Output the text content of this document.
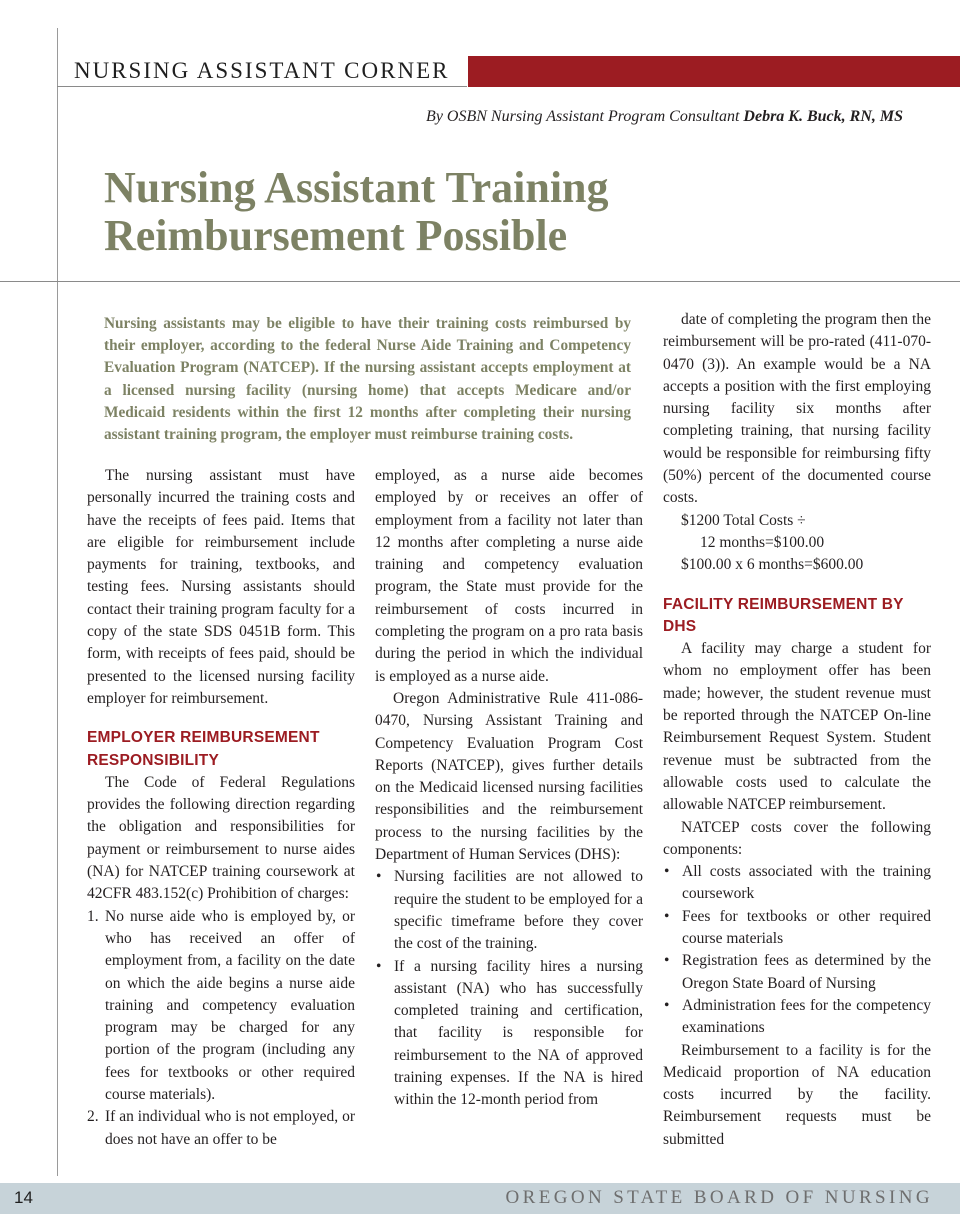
NURSING ASSISTANT CORNER
By OSBN Nursing Assistant Program Consultant Debra K. Buck, RN, MS
Nursing Assistant Training
Reimbursement Possible
Nursing assistants may be eligible to have their training costs reimbursed by their employer, according to the federal Nurse Aide Training and Competency Evaluation Program (NATCEP). If the nursing assistant accepts employment at a licensed nursing facility (nursing home) that accepts Medicare and/or Medicaid residents within the first 12 months after completing their nursing assistant training program, the employer must reimburse training costs.

The nursing assistant must have personally incurred the training costs and have the receipts of fees paid. Items that are eligible for reimbursement include payments for training, textbooks, and testing fees. Nursing assistants should contact their training program faculty for a copy of the state SDS 0451B form. This form, with receipts of fees paid, should be presented to the licensed nursing facility employer for reimbursement.

EMPLOYER REIMBURSEMENT RESPONSIBILITY

The Code of Federal Regulations provides the following direction regarding the obligation and responsibilities for payment or reimbursement to nurse aides (NA) for NATCEP training coursework at 42CFR 483.152(c) Prohibition of charges:

1. No nurse aide who is employed by, or who has received an offer of employment from, a facility on the date on which the aide begins a nurse aide training and competency evaluation program may be charged for any portion of the program (including any fees for textbooks or other required course materials).
2. If an individual who is not employed, or does not have an offer to be

employed, as a nurse aide becomes employed by or receives an offer of employment from a facility not later than 12 months after completing a nurse aide training and competency evaluation program, the State must provide for the reimbursement of costs incurred in completing the program on a pro rata basis during the period in which the individual is employed as a nurse aide.

Oregon Administrative Rule 411-086-0470, Nursing Assistant Training and Competency Evaluation Program Cost Reports (NATCEP), gives further details on the Medicaid licensed nursing facilities responsibilities and the reimbursement process to the nursing facilities by the Department of Human Services (DHS):

• Nursing facilities are not allowed to require the student to be employed for a specific timeframe before they cover the cost of the training.
• If a nursing facility hires a nursing assistant (NA) who has successfully completed training and certification, that facility is responsible for reimbursement to the NA of approved training expenses. If the NA is hired within the 12-month period from

date of completing the program then the reimbursement will be pro-rated (411-070-0470 (3)). An example would be a NA accepts a position with the first employing nursing facility six months after completing training, that nursing facility would be responsible for reimbursing fifty (50%) percent of the documented course costs.

$1200 Total Costs ÷
12 months=$100.00
$100.00 x 6 months=$600.00
FACILITY REIMBURSEMENT BY DHS

A facility may charge a student for whom no employment offer has been made; however, the student revenue must be reported through the NATCEP On-line Reimbursement Request System. Student revenue must be subtracted from the allowable costs used to calculate the allowable NATCEP reimbursement.

NATCEP costs cover the following components:

• All costs associated with the training coursework
• Fees for textbooks or other required course materials
• Registration fees as determined by the Oregon State Board of Nursing
• Administration fees for the competency examinations

Reimbursement to a facility is for the Medicaid proportion of NA education costs incurred by the facility. Reimbursement requests must be submitted

14	OREGON STATE BOARD OF NURSING
